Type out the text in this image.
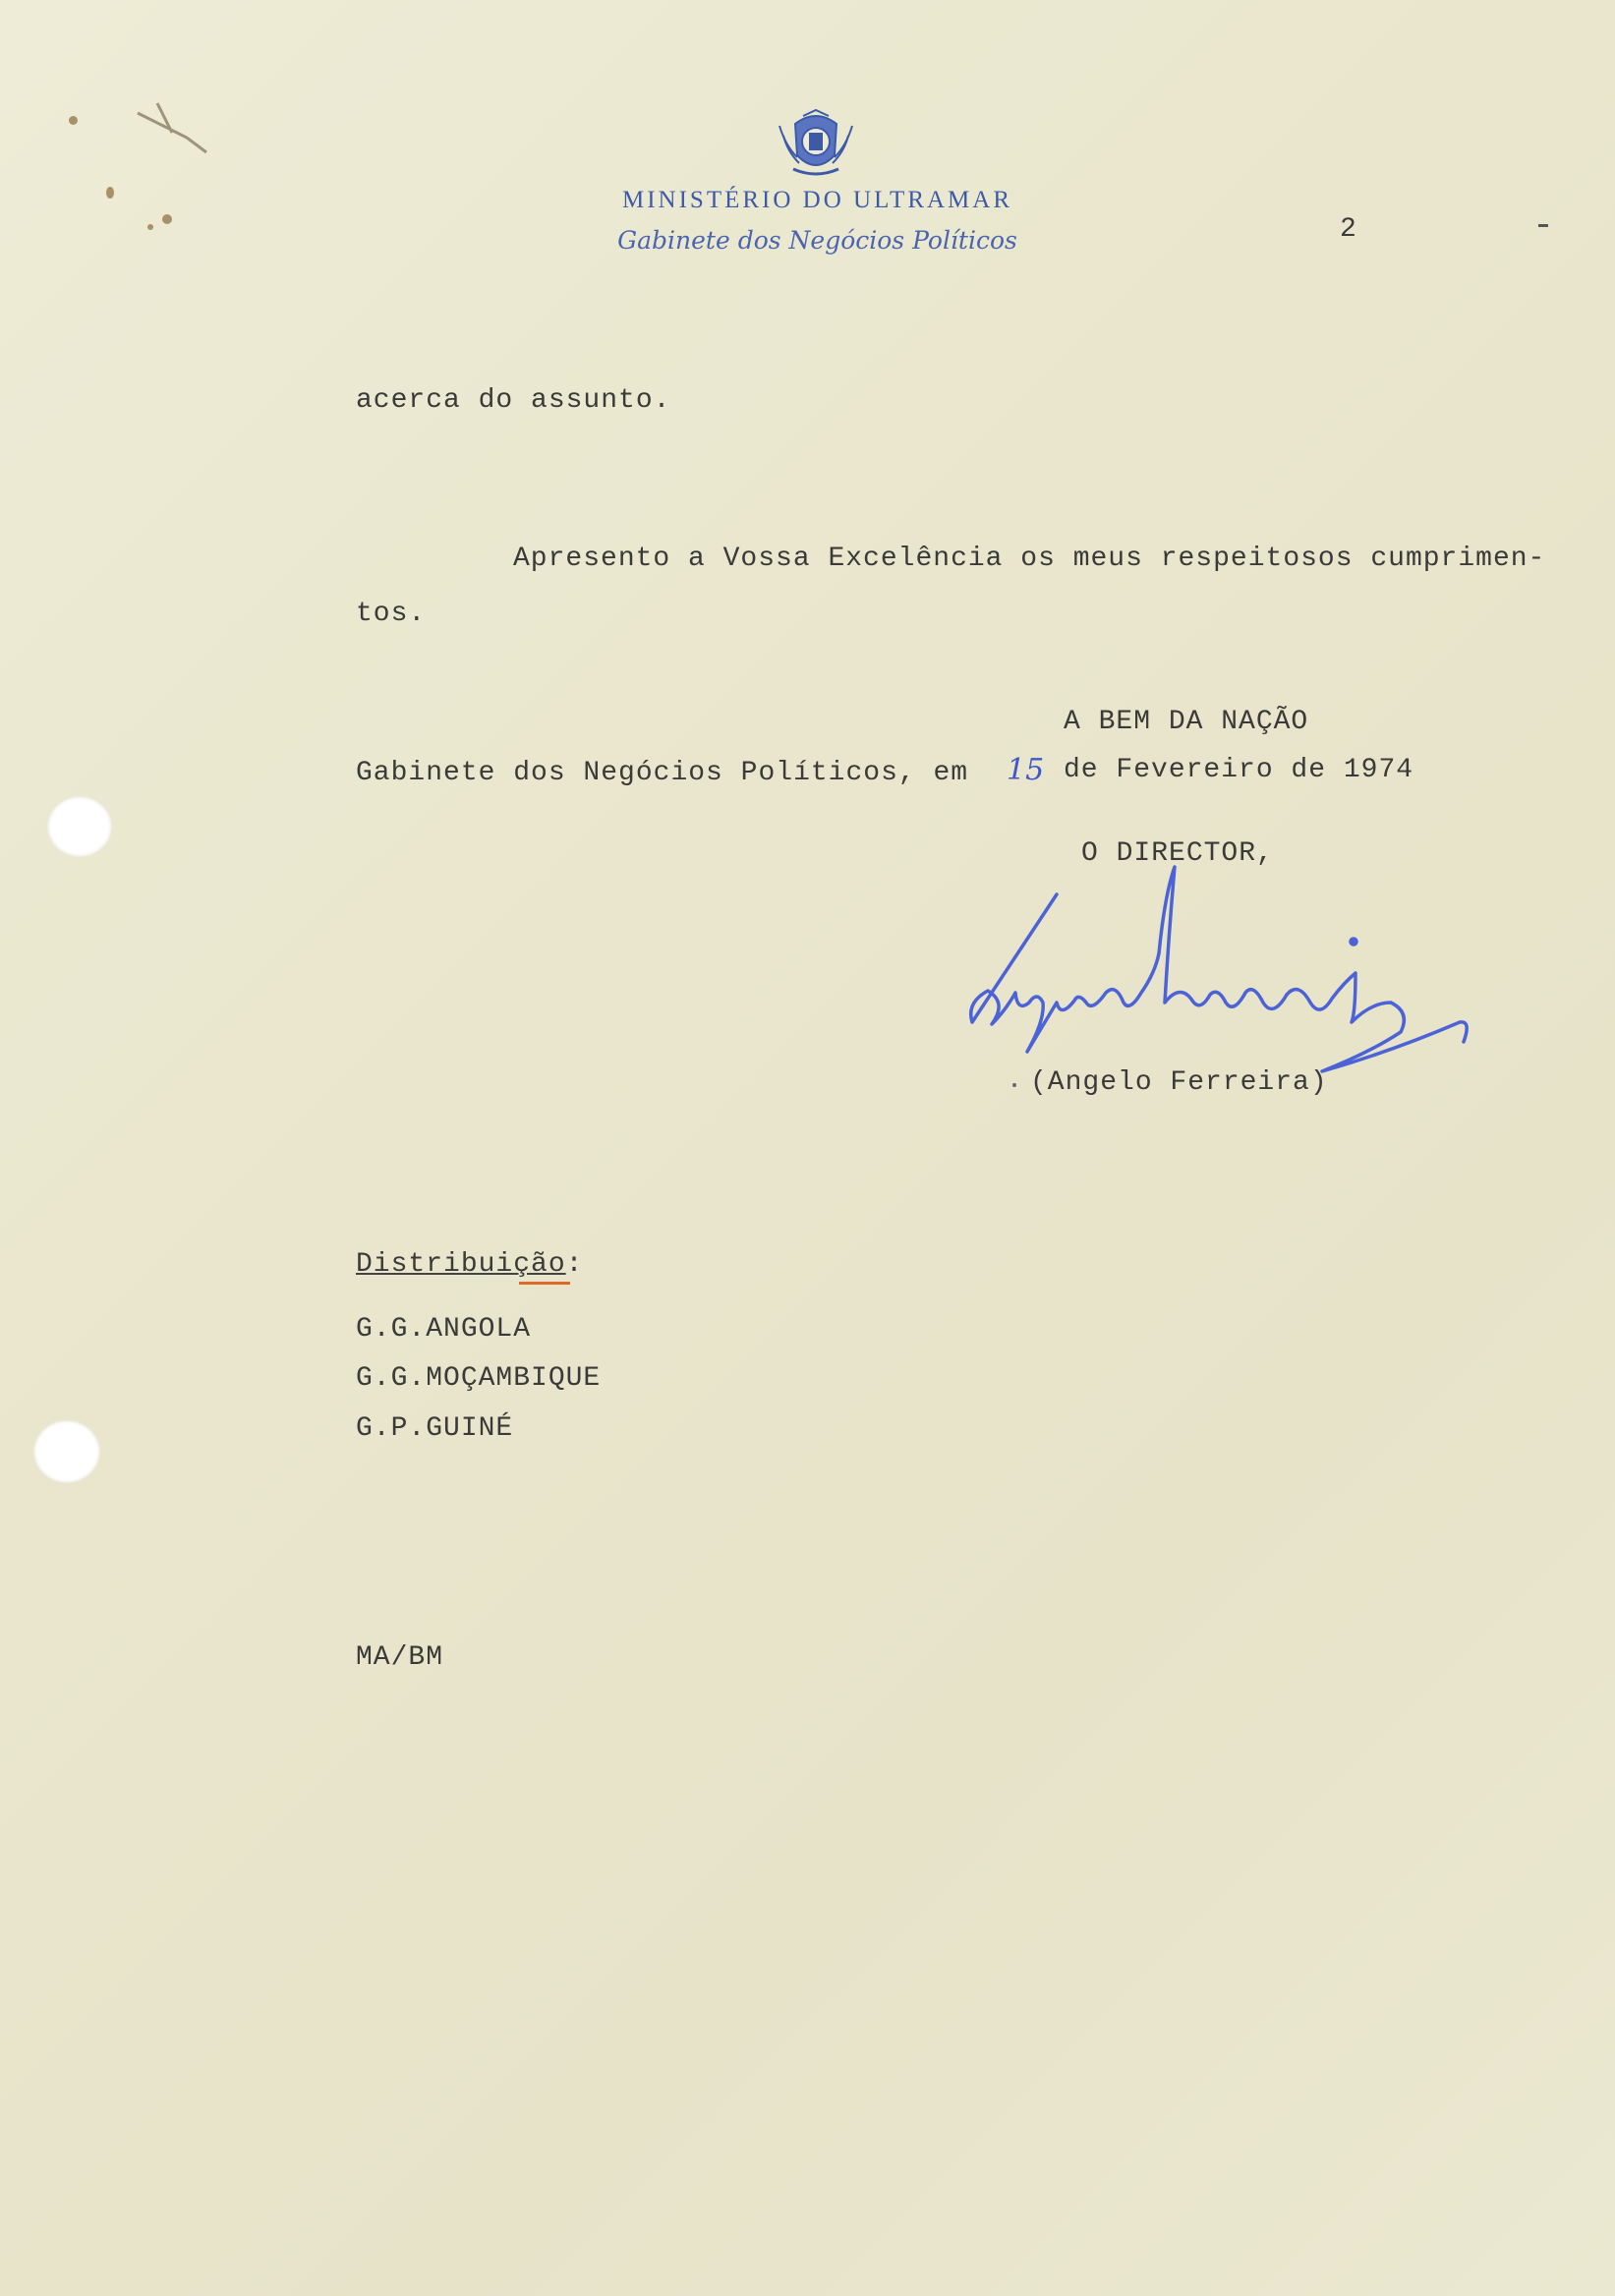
MINISTÉRIO DO ULTRAMAR
Gabinete dos Negócios Políticos	2
acerca do assunto.
Apresento a Vossa Excelência os meus respeitosos cumprimen-
tos.
A BEM DA NAÇÃO
Gabinete dos Negócios Políticos, em 15 de Fevereiro de 1974
O DIRECTOR,
(Angelo Ferreira)
Distribuição:
G.G.ANGOLA
G.G.MOÇAMBIQUE
G.P.GUINÉ
MA/BM
